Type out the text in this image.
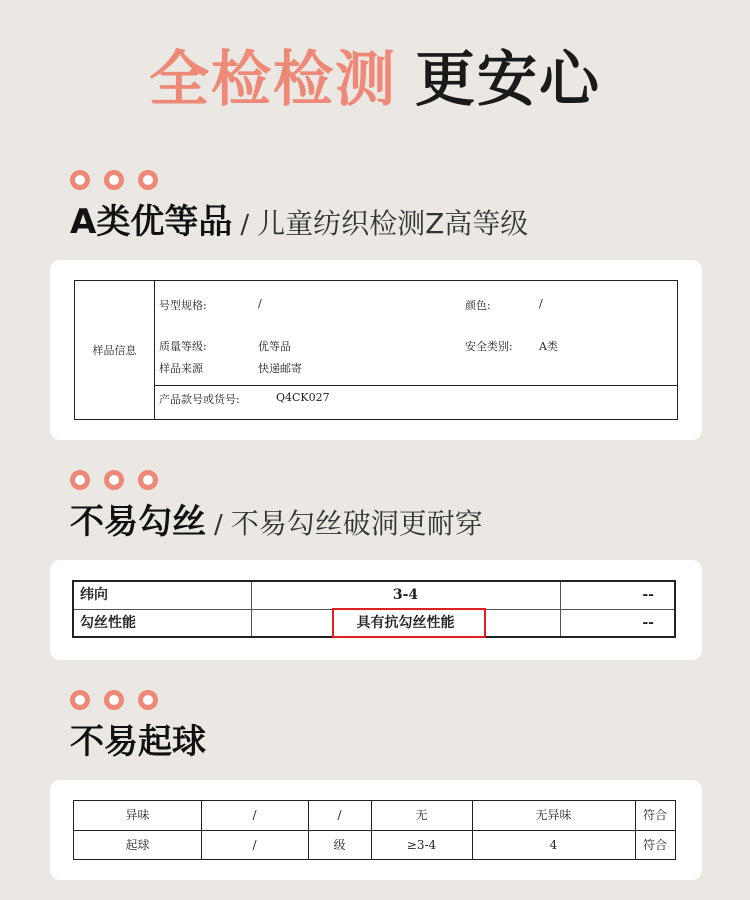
全检检测 更安心
A类优等品 / 儿童纺织检测Z高等级
样品信息
号型规格:	/	颜色:	/
质量等级:	优等品	安全类别: A类
样品来源	快递邮寄
产品款号或货号:	Q4CK027
不易勾丝 / 不易勾丝破洞更耐穿
纬向	3-4	--
勾丝性能	具有抗勾丝性能	--
不易起球
异味	/	/	无	无异味	符合
起球	/	级	≥3-4	4	符合
